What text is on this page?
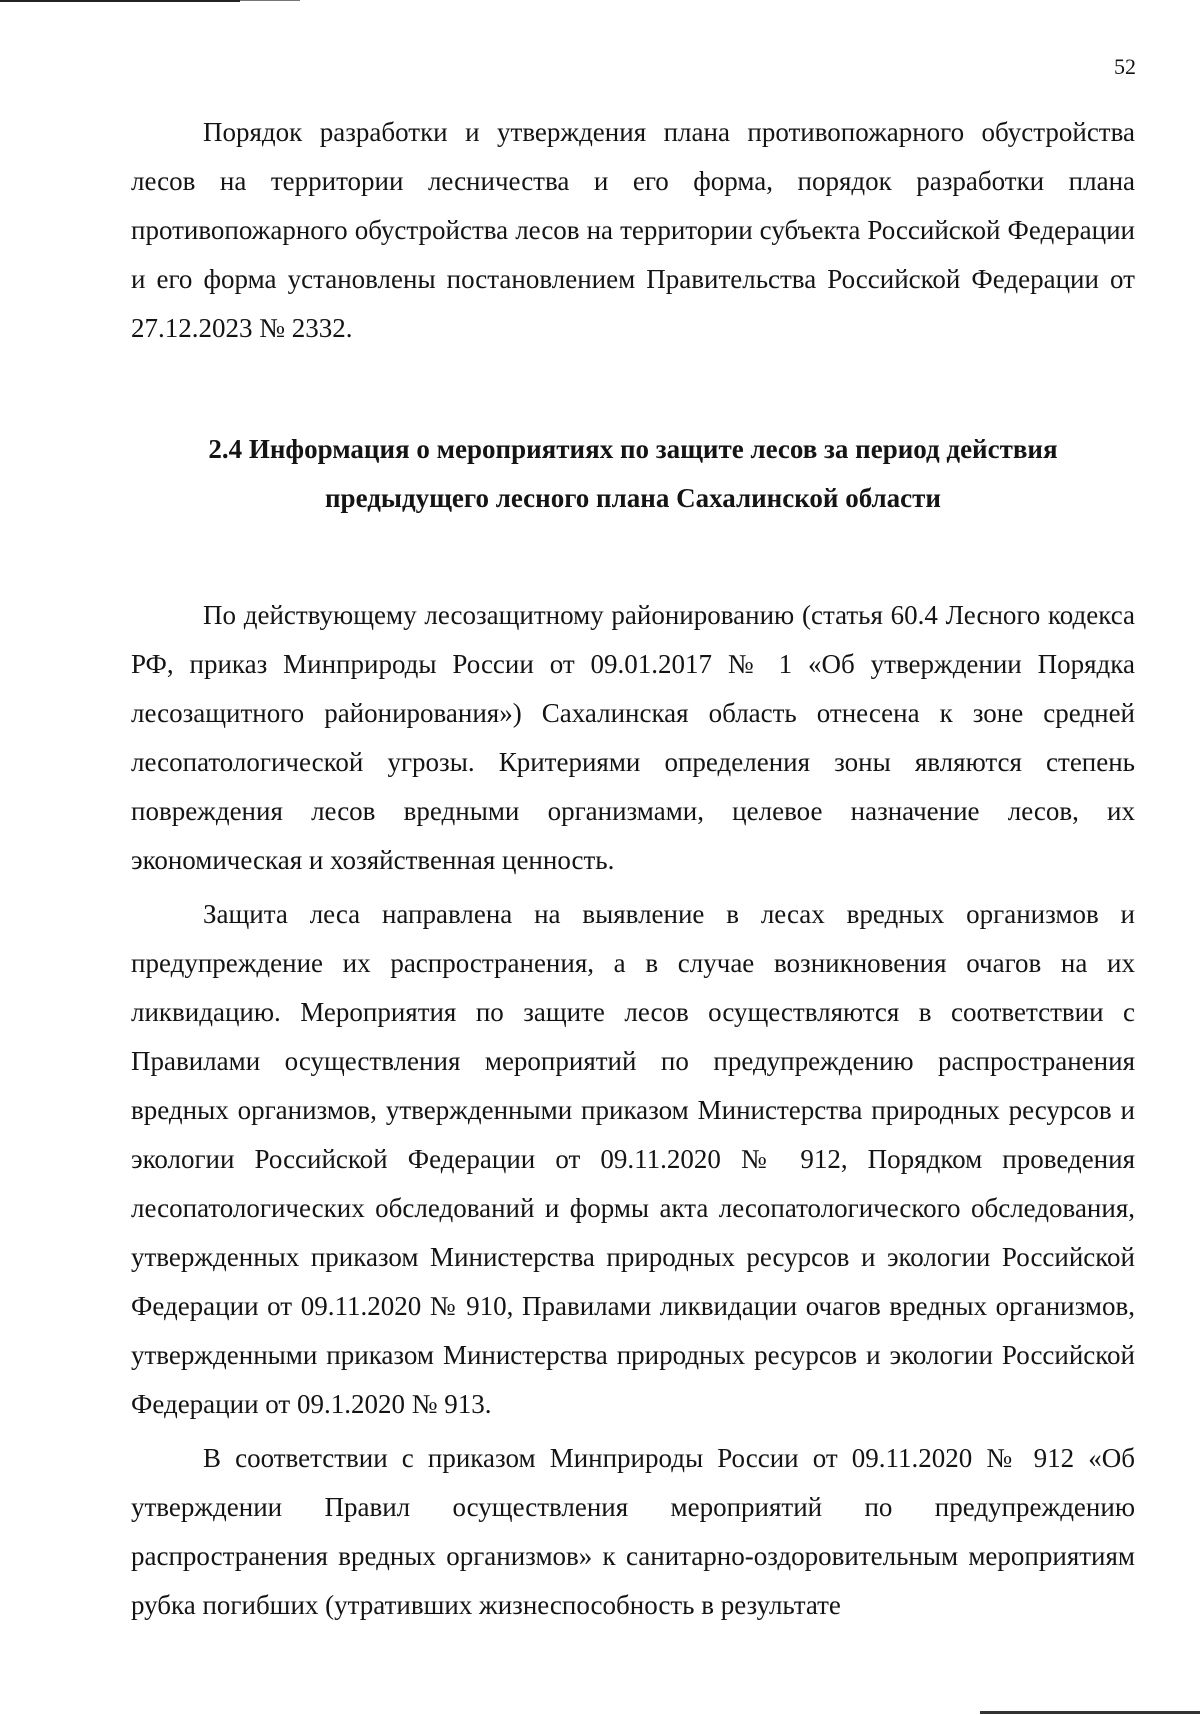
52

Порядок разработки и утверждения плана противопожарного обустройства лесов на территории лесничества и его форма, порядок разработки плана противопожарного обустройства лесов на территории субъекта Российской Федерации и его форма установлены постановлением Правительства Российской Федерации от 27.12.2023 № 2332.

2.4 Информация о мероприятиях по защите лесов за период действия предыдущего лесного плана Сахалинской области

По действующему лесозащитному районированию (статья 60.4 Лесного кодекса РФ, приказ Минприроды России от 09.01.2017 № 1 «Об утверждении Порядка лесозащитного районирования») Сахалинская область отнесена к зоне средней лесопатологической угрозы. Критериями определения зоны являются степень повреждения лесов вредными организмами, целевое назначение лесов, их экономическая и хозяйственная ценность.

Защита леса направлена на выявление в лесах вредных организмов и предупреждение их распространения, а в случае возникновения очагов на их ликвидацию. Мероприятия по защите лесов осуществляются в соответствии с Правилами осуществления мероприятий по предупреждению распространения вредных организмов, утвержденными приказом Министерства природных ресурсов и экологии Российской Федерации от 09.11.2020 № 912, Порядком проведения лесопатологических обследований и формы акта лесопатологического обследования, утвержденных приказом Министерства природных ресурсов и экологии Российской Федерации от 09.11.2020 № 910, Правилами ликвидации очагов вредных организмов, утвержденными приказом Министерства природных ресурсов и экологии Российской Федерации от 09.1.2020 № 913.

В соответствии с приказом Минприроды России от 09.11.2020 № 912 «Об утверждении Правил осуществления мероприятий по предупреждению распространения вредных организмов» к санитарно-оздоровительным мероприятиям рубка погибших (утративших жизнеспособность в результате
